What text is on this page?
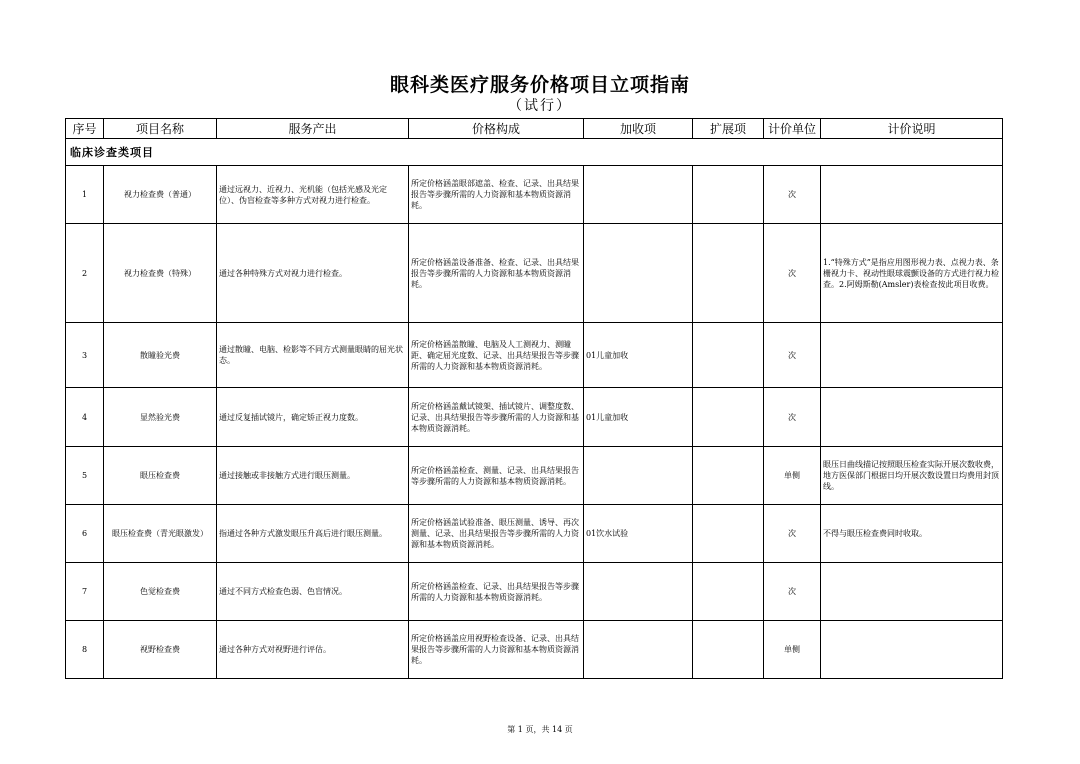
眼科类医疗服务价格项目立项指南
（试行）
序号	项目名称	服务产出	价格构成	加收项	扩展项	计价单位	计价说明
临床诊查类项目							
1	视力检查费（普通）	通过远视力、近视力、光机能（包括光感及光定位）、伪盲检查等多种方式对视力进行检查。	所定价格涵盖眼部遮盖、检查、记录、出具结果报告等步骤所需的人力资源和基本物质资源消耗。			次	
2	视力检查费（特殊）	通过各种特殊方式对视力进行检查。	所定价格涵盖设备准备、检查、记录、出具结果报告等步骤所需的人力资源和基本物质资源消耗。			次	1.“特殊方式”是指应用图形视力表、点视力表、条栅视力卡、视动性眼球震颤设备的方式进行视力检查。2.阿姆斯勒(Amsler)表检查按此项目收费。
3	散瞳验光费	通过散瞳、电脑、检影等不同方式测量眼睛的屈光状态。	所定价格涵盖散瞳、电脑及人工测视力、测瞳距、确定屈光度数、记录、出具结果报告等步骤所需的人力资源和基本物质资源消耗。	01儿童加收		次	
4	显然验光费	通过反复插试镜片，确定矫正视力度数。	所定价格涵盖戴试镜架、插试镜片、调整度数、记录、出具结果报告等步骤所需的人力资源和基本物质资源消耗。	01儿童加收		次	
5	眼压检查费	通过接触或非接触方式进行眼压测量。	所定价格涵盖检查、测量、记录、出具结果报告等步骤所需的人力资源和基本物质资源消耗。			单侧	眼压日曲线描记按照眼压检查实际开展次数收费，地方医保部门根据日均开展次数设置日均费用封顶线。
6	眼压检查费（青光眼激发）	指通过各种方式激发眼压升高后进行眼压测量。	所定价格涵盖试验准备、眼压测量、诱导、再次测量、记录、出具结果报告等步骤所需的人力资源和基本物质资源消耗。	01饮水试验		次	不得与眼压检查费同时收取。
7	色觉检查费	通过不同方式检查色弱、色盲情况。	所定价格涵盖检查、记录、出具结果报告等步骤所需的人力资源和基本物质资源消耗。			次	
8	视野检查费	通过各种方式对视野进行评估。	所定价格涵盖应用视野检查设备、记录、出具结果报告等步骤所需的人力资源和基本物质资源消耗。			单侧	
第 1 页，共 14 页
